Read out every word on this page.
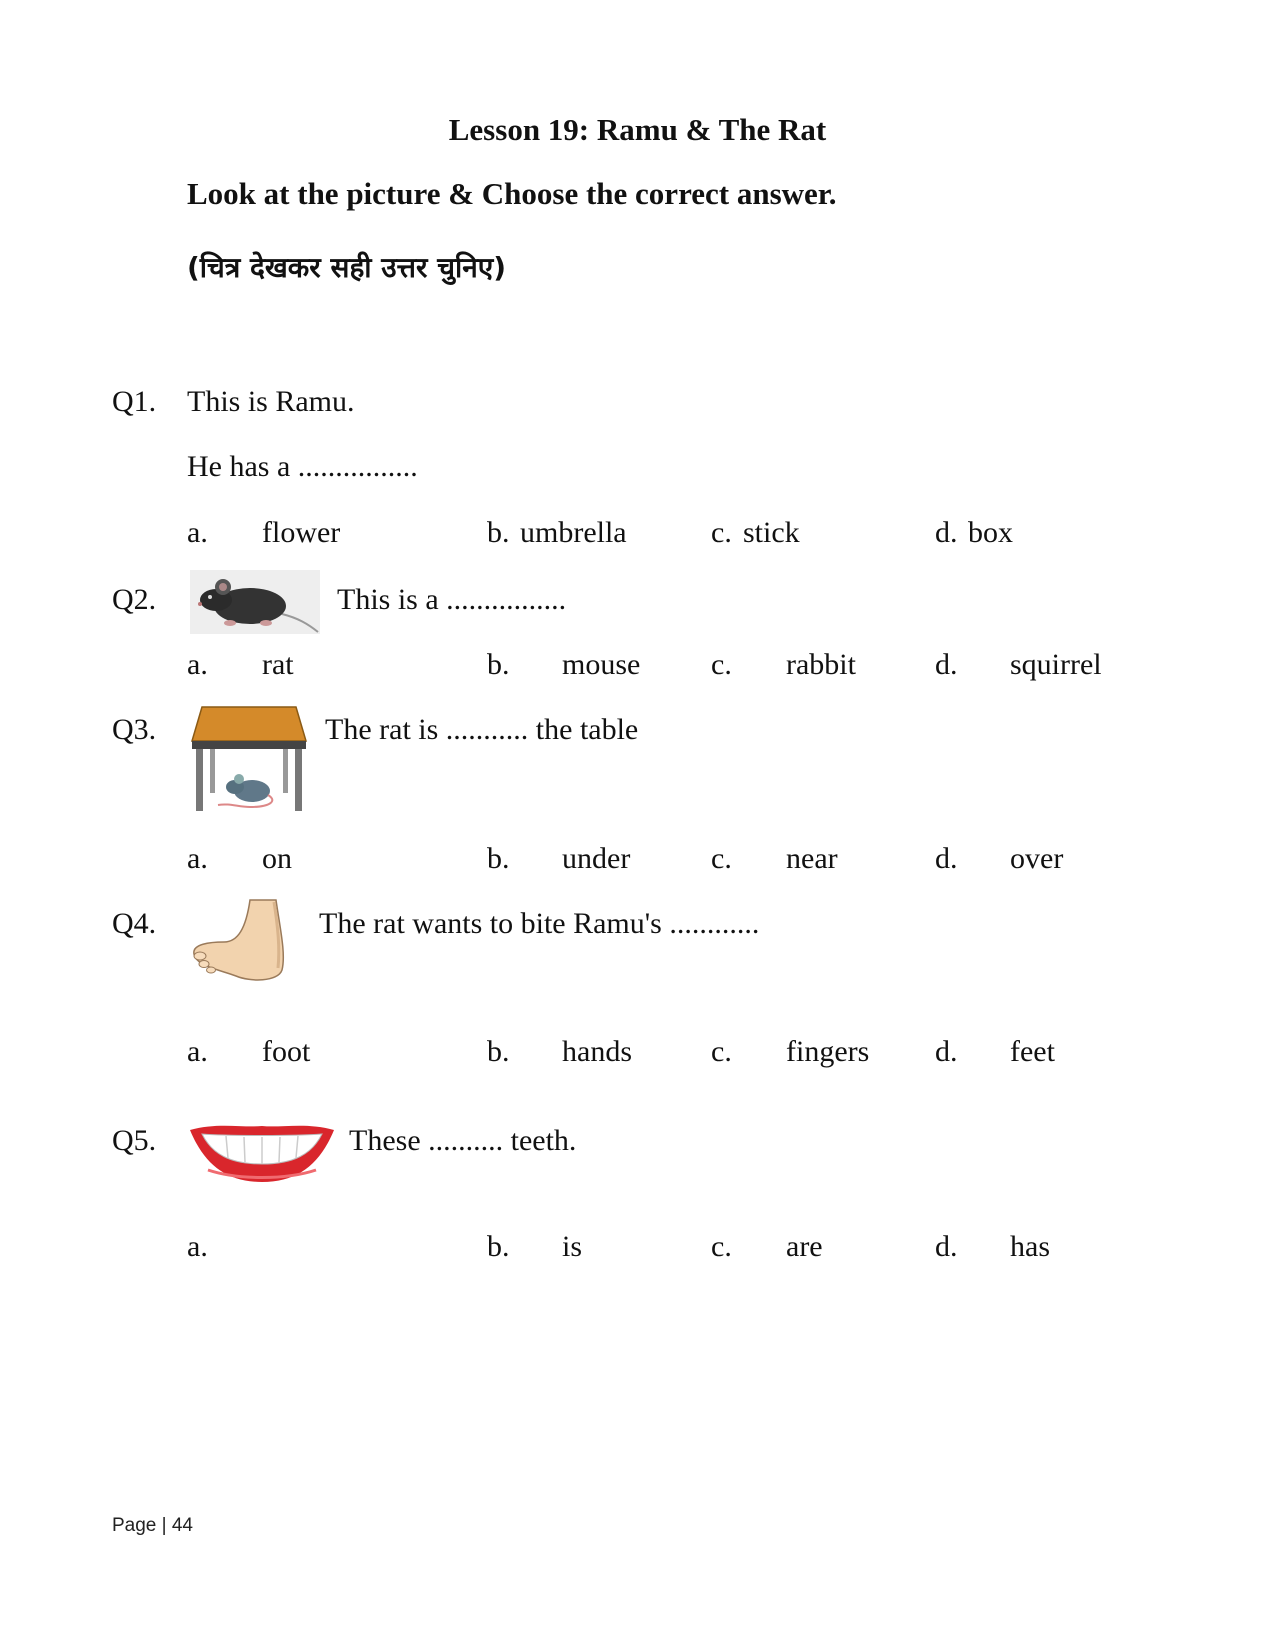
Lesson 19: Ramu & The Rat
Look at the picture & Choose the correct answer.
(चित्र देखकर सही उत्तर चुनिए)
Q1. This is Ramu.
He has a ................
a. flower	b. umbrella	c. stick	d. box
Q2.	This is a ................
a. rat	b. mouse c. rabbit	d. squirrel
Q3.	The rat is ........... the table
a. on	b. under	c. near	d. over
Q4.	The rat wants to bite Ramu's ............
a. foot	b. hands	c. fingers d. feet
Q5.	These .......... teeth.
a.	b. is	c. are	d. has
Page | 44
